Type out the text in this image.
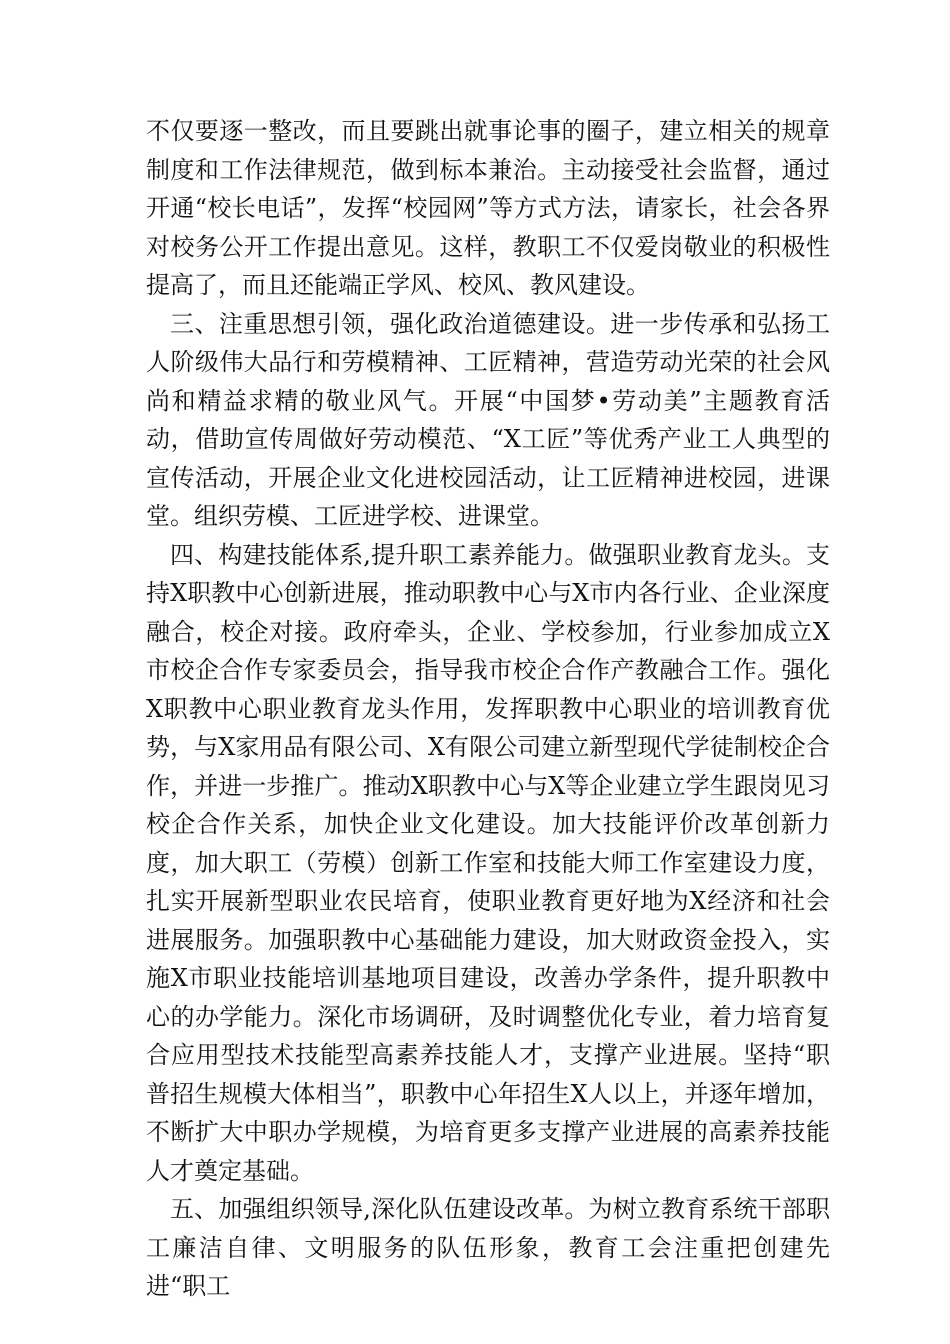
不仅要逐一整改，而且要跳出就事论事的圈子，建立相关的规章制度和工作法律规范，做到标本兼治。主动接受社会监督，通过开通“校长电话”，发挥“校园网”等方式方法，请家长，社会各界对校务公开工作提出意见。这样，教职工不仅爱岗敬业的积极性提高了，而且还能端正学风、校风、教风建设。

三、注重思想引领，强化政治道德建设。进一步传承和弘扬工人阶级伟大品行和劳模精神、工匠精神，营造劳动光荣的社会风尚和精益求精的敬业风气。开展“中国梦•劳动美”主题教育活动，借助宣传周做好劳动模范、“X工匠”等优秀产业工人典型的宣传活动，开展企业文化进校园活动，让工匠精神进校园，进课堂。组织劳模、工匠进学校、进课堂。

四、构建技能体系,提升职工素养能力。做强职业教育龙头。支持X职教中心创新进展，推动职教中心与X市内各行业、企业深度融合，校企对接。政府牵头，企业、学校参加，行业参加成立X市校企合作专家委员会，指导我市校企合作产教融合工作。强化X职教中心职业教育龙头作用，发挥职教中心职业的培训教育优势，与X家用品有限公司、X有限公司建立新型现代学徒制校企合作，并进一步推广。推动X职教中心与X等企业建立学生跟岗见习校企合作关系，加快企业文化建设。加大技能评价改革创新力度，加大职工（劳模）创新工作室和技能大师工作室建设力度，扎实开展新型职业农民培育，使职业教育更好地为X经济和社会进展服务。加强职教中心基础能力建设，加大财政资金投入，实施X市职业技能培训基地项目建设，改善办学条件，提升职教中心的办学能力。深化市场调研，及时调整优化专业，着力培育复合应用型技术技能型高素养技能人才，支撑产业进展。坚持“职普招生规模大体相当”，职教中心年招生X人以上，并逐年增加，不断扩大中职办学规模，为培育更多支撑产业进展的高素养技能人才奠定基础。

五、加强组织领导,深化队伍建设改革。为树立教育系统干部职工廉洁自律、文明服务的队伍形象，教育工会注重把创建先进“职工
